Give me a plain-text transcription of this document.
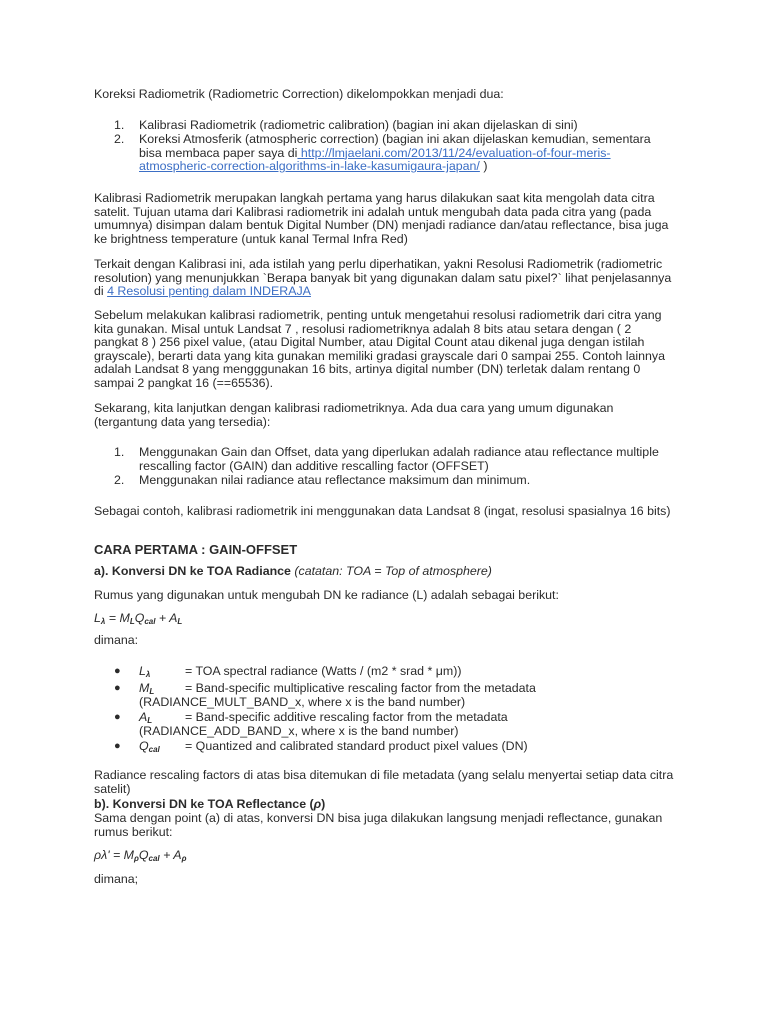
Koreksi Radiometrik (Radiometric Correction) dikelompokkan menjadi dua:

1. Kalibrasi Radiometrik (radiometric calibration) (bagian ini akan dijelaskan di sini)
2. Koreksi Atmosferik (atmospheric correction) (bagian ini akan dijelaskan kemudian, sementara bisa membaca paper saya di http://lmjaelani.com/2013/11/24/evaluation-of-four-meris-atmospheric-correction-algorithms-in-lake-kasumigaura-japan/ )

Kalibrasi Radiometrik merupakan langkah pertama yang harus dilakukan saat kita mengolah data citra satelit. Tujuan utama dari Kalibrasi radiometrik ini adalah untuk mengubah data pada citra yang (pada umumnya) disimpan dalam bentuk Digital Number (DN) menjadi radiance dan/atau reflectance, bisa juga ke brightness temperature (untuk kanal Termal Infra Red)

Terkait dengan Kalibrasi ini, ada istilah yang perlu diperhatikan, yakni Resolusi Radiometrik (radiometric resolution) yang menunjukkan `Berapa banyak bit yang digunakan dalam satu pixel?` lihat penjelasannya di 4 Resolusi penting dalam INDERAJA

Sebelum melakukan kalibrasi radiometrik, penting untuk mengetahui resolusi radiometrik dari citra yang kita gunakan. Misal untuk Landsat 7 , resolusi radiometriknya adalah 8 bits atau setara dengan ( 2 pangkat 8 ) 256 pixel value, (atau Digital Number, atau Digital Count atau dikenal juga dengan istilah grayscale), berarti data yang kita gunakan memiliki gradasi grayscale dari 0 sampai 255. Contoh lainnya adalah Landsat 8 yang mengggunakan 16 bits, artinya digital number (DN) terletak dalam rentang 0 sampai 2 pangkat 16 (==65536).

Sekarang, kita lanjutkan dengan kalibrasi radiometriknya. Ada dua cara yang umum digunakan (tergantung data yang tersedia):

1. Menggunakan Gain dan Offset, data yang diperlukan adalah radiance atau reflectance multiple rescalling factor (GAIN) dan additive rescalling factor (OFFSET)
2. Menggunakan nilai radiance atau reflectance maksimum dan minimum.

Sebagai contoh, kalibrasi radiometrik ini menggunakan data Landsat 8 (ingat, resolusi spasialnya 16 bits)

CARA PERTAMA : GAIN-OFFSET

a). Konversi DN ke TOA Radiance (catatan: TOA = Top of atmosphere)

Rumus yang digunakan untuk mengubah DN ke radiance (L) adalah sebagai berikut:

$L_\lambda = M_LQ_{cal} + A_L$

dimana:

● $L_\lambda$	= TOA spectral radiance (Watts / (m2 * srad * μm))
● $M_L$ = Band-specific multiplicative rescaling factor from the metadata
(RADIANCE_MULT_BAND_x, where x is the band number)
● $A_L$	= Band-specific additive rescaling factor from the metadata
(RADIANCE_ADD_BAND_x, where x is the band number)
● $Q_{cal}$ = Quantized and calibrated standard product pixel values (DN)

Radiance rescaling factors di atas bisa ditemukan di file metadata (yang selalu menyertai setiap data citra satelit)

b). Konversi DN ke TOA Reflectance (ρ)

Sama dengan point (a) di atas, konversi DN bisa juga dilakukan langsung menjadi reflectance, gunakan rumus berikut:

$\rho\lambda' = M_\rho Q_{cal} + A_\rho$

dimana;
